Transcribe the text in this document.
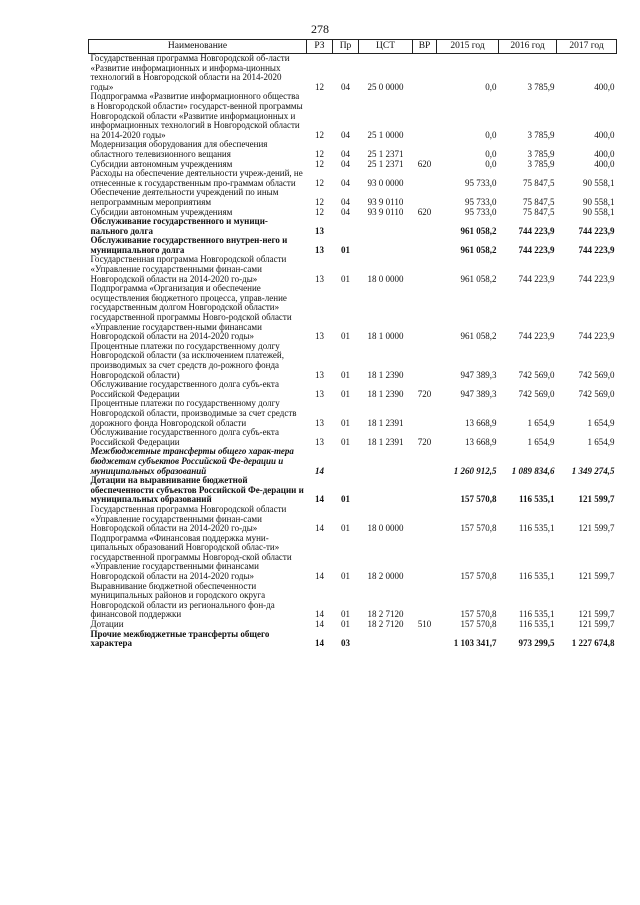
278
Наименование	РЗ	Пр	ЦСТ	ВР	2015 год	2016 год	2017 год
Государственная программа Новгородской об-ласти «Развитие информационных и информа-ционных технологий в Новгородской области на 2014-2020 годы»	12	04	25 0 0000		0,0	3 785,9	400,0
Подпрограмма «Развитие информационного общества в Новгородской области» государст-венной программы Новгородской области «Развитие информационных и информационных технологий в Новгородской области на 2014-2020 годы»	12	04	25 1 0000		0,0	3 785,9	400,0
Модернизация оборудования для обеспечения областного телевизионного вещания	12	04	25 1 2371		0,0	3 785,9	400,0
Субсидии автономным учреждениям	12	04	25 1 2371	620	0,0	3 785,9	400,0
Расходы на обеспечение деятельности учреж-дений, не отнесенные к государственным про-граммам области	12	04	93 0 0000		95 733,0	75 847,5	90 558,1
Обеспечение деятельности учреждений по иным непрограммным мероприятиям	12	04	93 9 0110		95 733,0	75 847,5	90 558,1
Субсидии автономным учреждениям	12	04	93 9 0110	620	95 733,0	75 847,5	90 558,1
Обслуживание государственного и муници-пального долга	13				961 058,2	744 223,9	744 223,9
Обслуживание государственного внутрен-него и муниципального долга	13	01			961 058,2	744 223,9	744 223,9
Государственная программа Новгородской области «Управление государственными финан-сами Новгородской области на 2014-2020 го-ды»	13	01	18 0 0000		961 058,2	744 223,9	744 223,9
Подпрограмма «Организация и обеспечение осуществления бюджетного процесса, управ-ление государственным долгом Новгородской области» государственной программы Новго-родской области «Управление государствен-ными финансами Новгородской области на 2014-2020 годы»	13	01	18 1 0000		961 058,2	744 223,9	744 223,9
Процентные платежи по государственному долгу Новгородской области (за исключением платежей, производимых за счет средств до-рожного фонда Новгородской области)	13	01	18 1 2390		947 389,3	742 569,0	742 569,0
Обслуживание государственного долга субъ-екта Российской Федерации	13	01	18 1 2390	720	947 389,3	742 569,0	742 569,0
Процентные платежи по государственному долгу Новгородской области, производимые за счет средств дорожного фонда Новгородской области	13	01	18 1 2391		13 668,9	1 654,9	1 654,9
Обслуживание государственного долга субъ-екта Российской Федерации	13	01	18 1 2391	720	13 668,9	1 654,9	1 654,9
Межбюджетные трансферты общего харак-тера бюджетам субъектов Российской Фе-дерации и муниципальных образований	14				1 260 912,5	1 089 834,6	1 349 274,5
Дотации на выравнивание бюджетной обеспеченности субъектов Российской Фе-дерации и муниципальных образований	14	01			157 570,8	116 535,1	121 599,7
Государственная программа Новгородской области «Управление государственными финан-сами Новгородской области на 2014-2020 го-ды»	14	01	18 0 0000		157 570,8	116 535,1	121 599,7
Подпрограмма «Финансовая поддержка муни-ципальных образований Новгородской облас-ти» государственной программы Новгород-ской области «Управление государственными финансами Новгородской области на 2014-2020 годы»	14	01	18 2 0000		157 570,8	116 535,1	121 599,7
Выравнивание бюджетной обеспеченности муниципальных районов и городского округа Новгородской области из регионального фон-да финансовой поддержки	14	01	18 2 7120		157 570,8	116 535,1	121 599,7
Дотации	14	01	18 2 7120	510	157 570,8	116 535,1	121 599,7
Прочие межбюджетные трансферты общего характера	14	03			1 103 341,7	973 299,5	1 227 674,8
